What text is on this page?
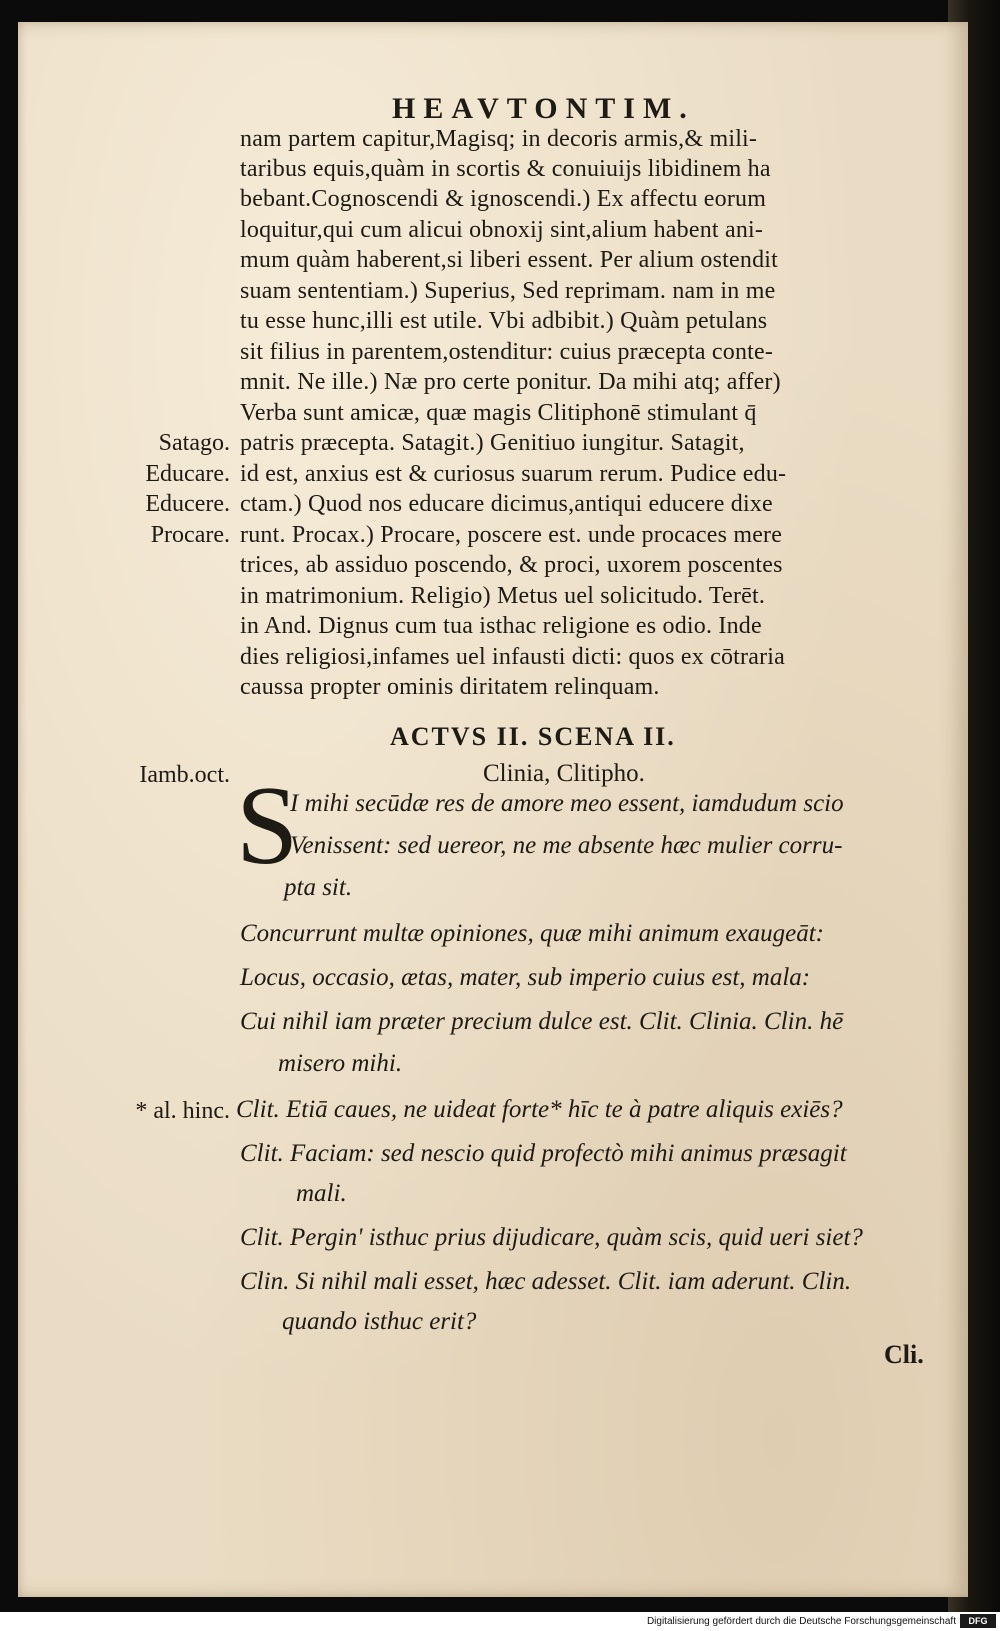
HEAVTONTIM.
nam partem capitur,Magisq; in decoris armis,& mili-
taribus equis,quàm in scortis & conuiuijs libidinem ha
bebant.Cognoscendi & ignoscendi.) Ex affectu eorum
loquitur,qui cum alicui obnoxij sint,alium habent ani-
mum quàm haberent,si liberi essent. Per alium ostendit
suam sententiam.) Superius, Sed reprimam. nam in me
tu esse hunc,illi est utile. Vbi adbibit.) Quàm petulans
sit filius in parentem,ostenditur: cuius præcepta conte-
mnit. Ne ille.) Næ pro certe ponitur. Da mihi atq; affer)
Verba sunt amicæ, quæ magis Clitiphonē stimulant q̄
patris præcepta. Satagit.) Genitiuo iungitur. Satagit,
id est, anxius est & curiosus suarum rerum. Pudice edu-
ctam.) Quod nos educare dicimus,antiqui educere dixe
runt. Procax.) Procare, poscere est. unde procaces mere
trices, ab assiduo poscendo, & proci, uxorem poscentes
in matrimonium. Religio) Metus uel solicitudo. Terēt.
in And. Dignus cum tua isthac religione es odio. Inde
dies religiosi,infames uel infausti dicti: quos ex cōtraria
caussa propter ominis diritatem relinquam.
Satago.
Educare.
Educere.
Procare.
ACTVS II. SCENA II.
Clinia, Clitipho.
Iamb.oct. S
I mihi secūdæ res de amore meo essent, iamdudum scio
Venissent: sed uereor, ne me absente hæc mulier corru-
pta sit.
Concurrunt multæ opiniones, quæ mihi animum exaugeāt:
Locus, occasio, ætas, mater, sub imperio cuius est, mala:
Cui nihil iam præter precium dulce est. Clit. Clinia. Clin. hē
misero mihi.
Clit. Etiā caues, ne uideat forte* hīc te à patre aliquis exiēs?
Clit. Faciam: sed nescio quid profectò mihi animus præsagit
mali.
Clit. Pergin' isthuc prius dijudicare, quàm scis, quid ueri siet?
Clin. Si nihil mali esset, hæc adesset. Clit. iam aderunt. Clin.
quando isthuc erit?
* al. hinc.
Cli.
Digitalisierung gefördert durch die Deutsche Forschungsgemeinschaft	DFG
